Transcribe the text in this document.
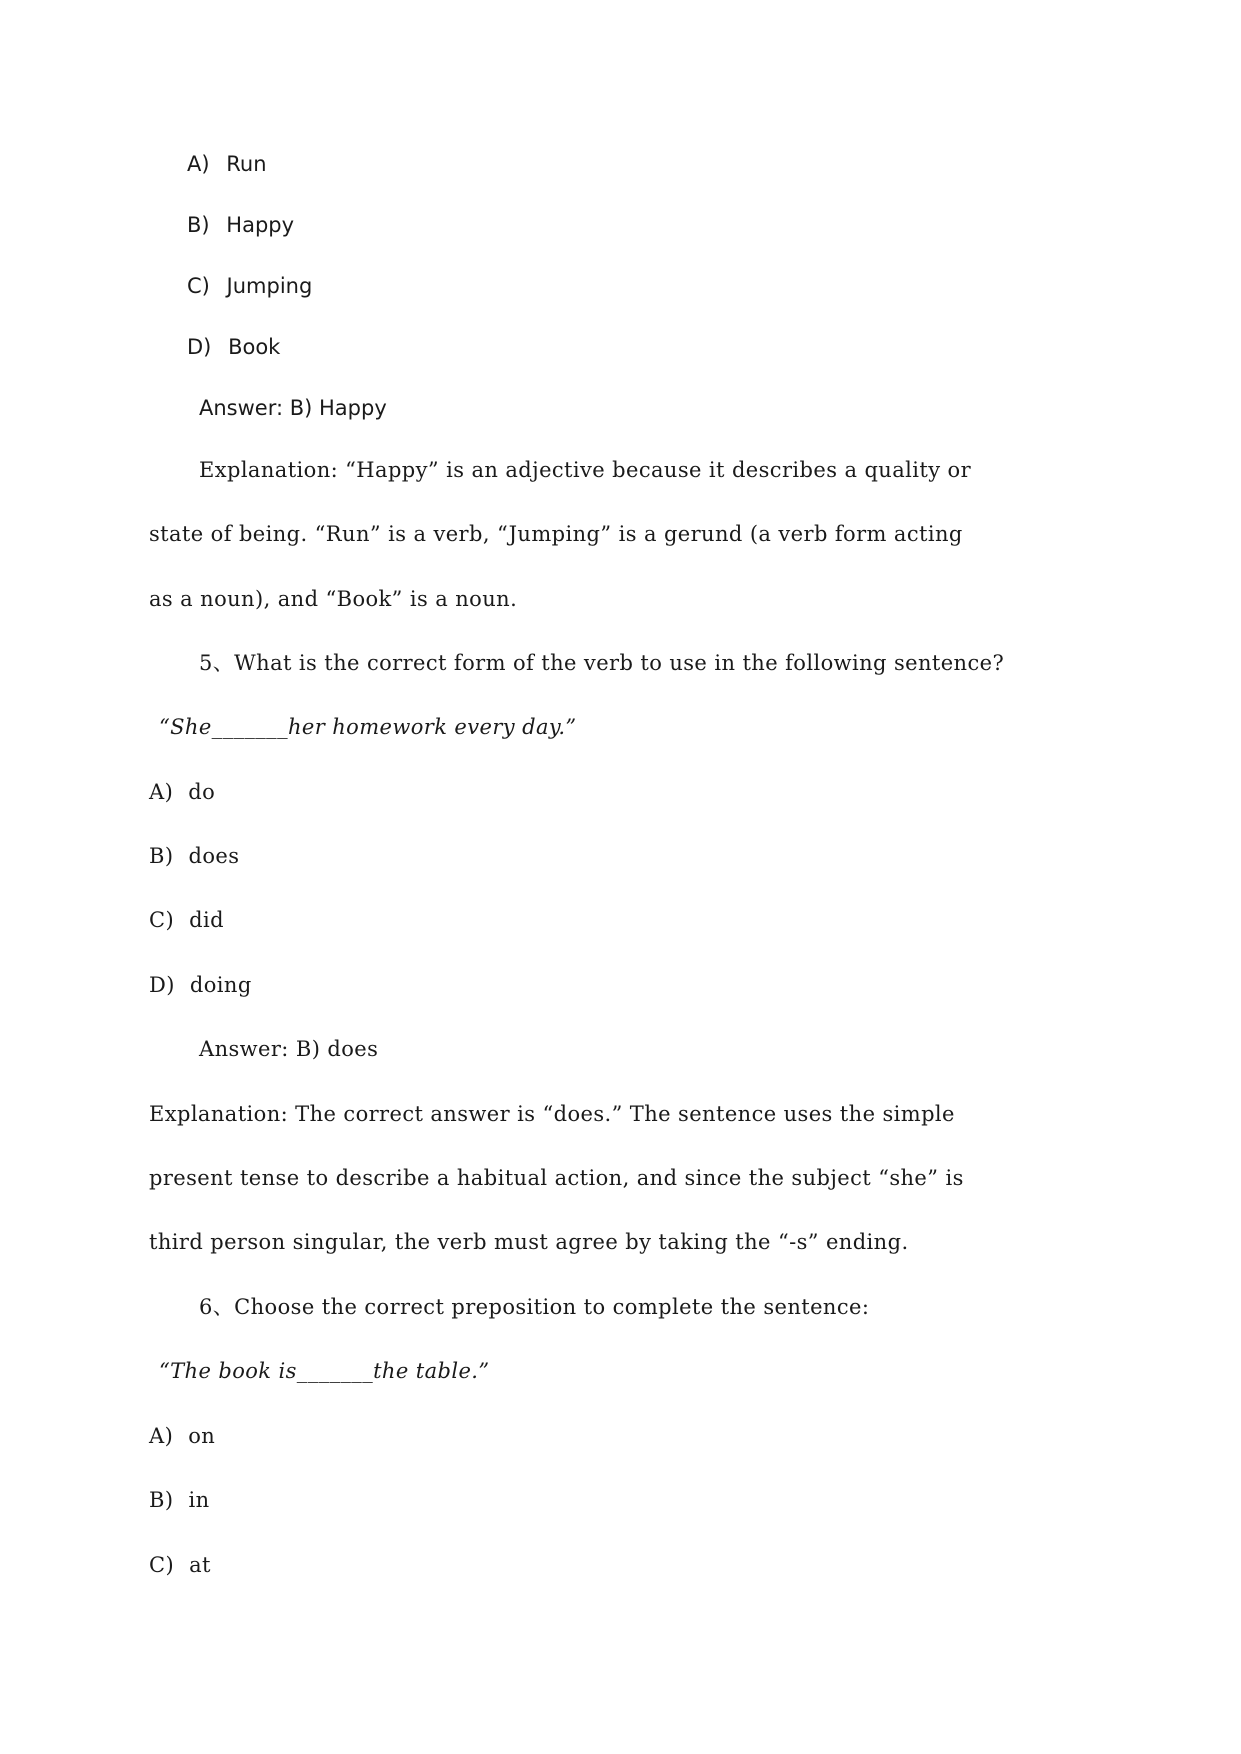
A) Run
B) Happy
C) Jumping
D) Book
Answer: B) Happy
Explanation: “Happy” is an adjective because it describes a quality or
state of being. “Run” is a verb, “Jumping” is a gerund (a verb form acting
as a noun), and “Book” is a noun.
5、What is the correct form of the verb to use in the following sentence?
“She_______her homework every day.”
A) do
B) does
C) did
D) doing
Answer: B) does
Explanation: The correct answer is “does.” The sentence uses the simple
present tense to describe a habitual action, and since the subject “she” is
third person singular, the verb must agree by taking the “-s” ending.
6、Choose the correct preposition to complete the sentence:
“The book is_______the table.”
A) on
B) in
C) at
